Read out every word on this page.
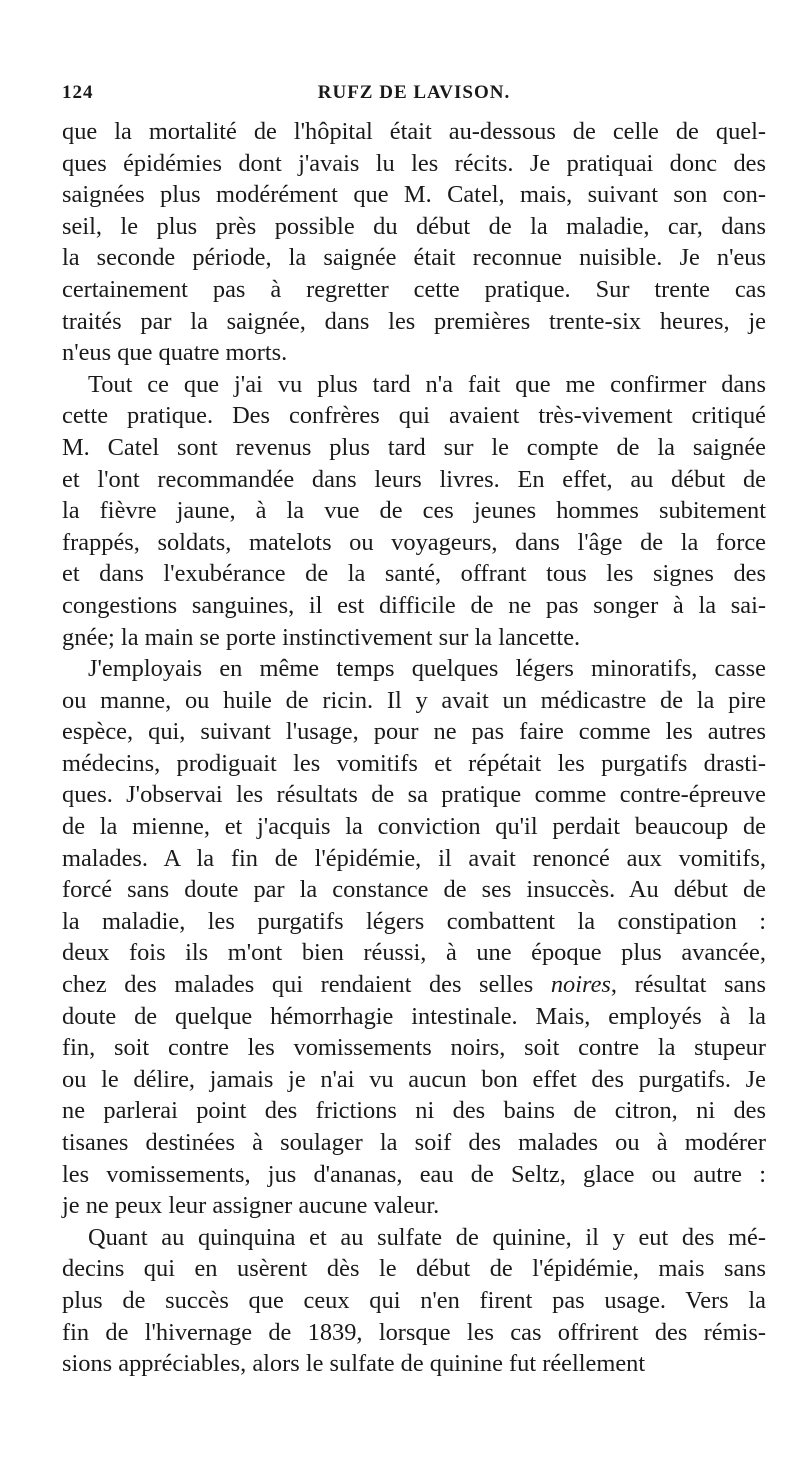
124	RUFZ DE LAVISON.
que la mortalité de l'hôpital était au-dessous de celle de quel-
ques épidémies dont j'avais lu les récits. Je pratiquai donc des
saignées plus modérément que M. Catel, mais, suivant son con-
seil, le plus près possible du début de la maladie, car, dans
la seconde période, la saignée était reconnue nuisible. Je n'eus
certainement pas à regretter cette pratique. Sur trente cas
traités par la saignée, dans les premières trente-six heures, je
n'eus que quatre morts.
Tout ce que j'ai vu plus tard n'a fait que me confirmer dans
cette pratique. Des confrères qui avaient très-vivement critiqué
M. Catel sont revenus plus tard sur le compte de la saignée
et l'ont recommandée dans leurs livres. En effet, au début de
la fièvre jaune, à la vue de ces jeunes hommes subitement
frappés, soldats, matelots ou voyageurs, dans l'âge de la force
et dans l'exubérance de la santé, offrant tous les signes des
congestions sanguines, il est difficile de ne pas songer à la sai-
gnée; la main se porte instinctivement sur la lancette.
J'employais en même temps quelques légers minoratifs, casse
ou manne, ou huile de ricin. Il y avait un médicastre de la pire
espèce, qui, suivant l'usage, pour ne pas faire comme les autres
médecins, prodiguait les vomitifs et répétait les purgatifs drasti-
ques. J'observai les résultats de sa pratique comme contre-épreuve
de la mienne, et j'acquis la conviction qu'il perdait beaucoup de
malades. A la fin de l'épidémie, il avait renoncé aux vomitifs,
forcé sans doute par la constance de ses insuccès. Au début de
la maladie, les purgatifs légers combattent la constipation :
deux fois ils m'ont bien réussi, à une époque plus avancée,
chez des malades qui rendaient des selles noires, résultat sans
doute de quelque hémorrhagie intestinale. Mais, employés à la
fin, soit contre les vomissements noirs, soit contre la stupeur
ou le délire, jamais je n'ai vu aucun bon effet des purgatifs. Je
ne parlerai point des frictions ni des bains de citron, ni des
tisanes destinées à soulager la soif des malades ou à modérer
les vomissements, jus d'ananas, eau de Seltz, glace ou autre :
je ne peux leur assigner aucune valeur.
Quant au quinquina et au sulfate de quinine, il y eut des mé-
decins qui en usèrent dès le début de l'épidémie, mais sans
plus de succès que ceux qui n'en firent pas usage. Vers la
fin de l'hivernage de 1839, lorsque les cas offrirent des rémis-
sions appréciables, alors le sulfate de quinine fut réellement
